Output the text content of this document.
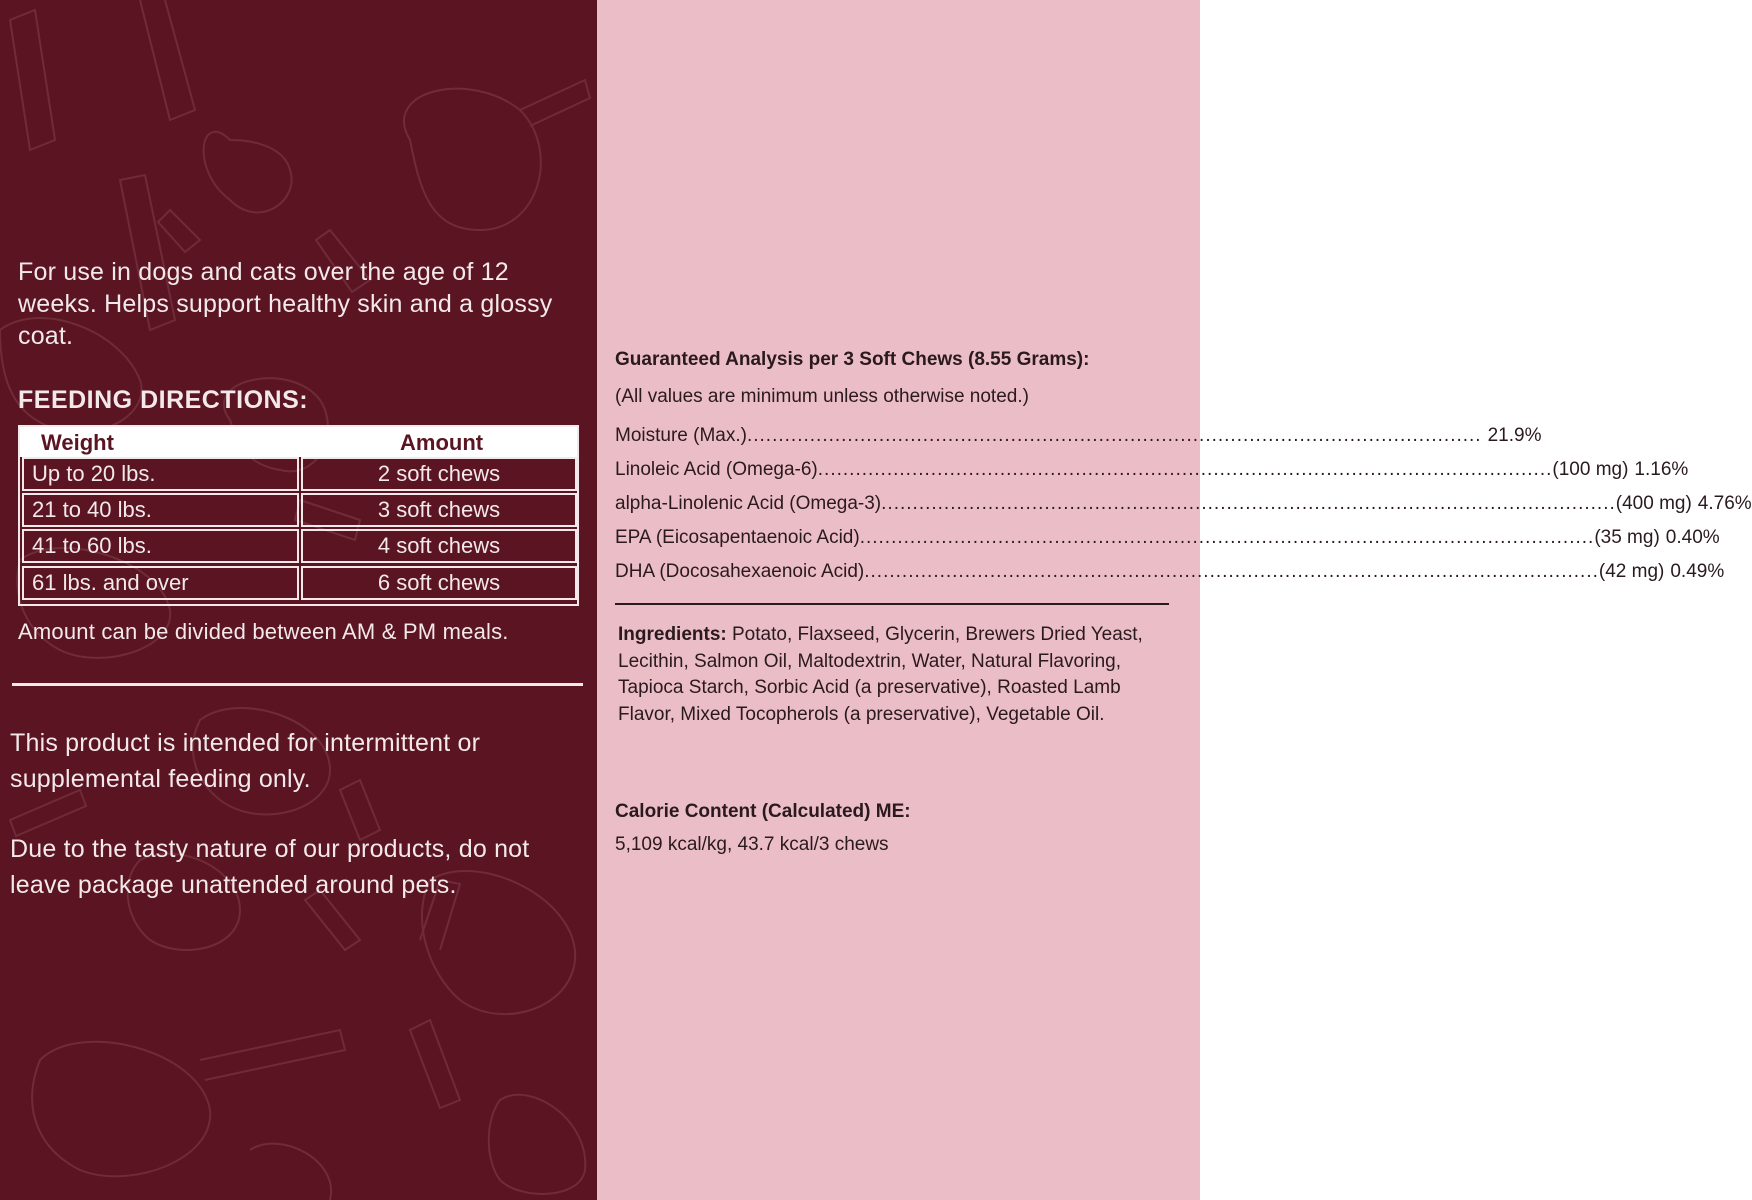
For use in dogs and cats over the age of 12 weeks. Helps support healthy skin and a glossy coat.

FEEDING DIRECTIONS:
Weight	Amount
Up to 20 lbs.	2 soft chews
21 to 40 lbs.	3 soft chews
41 to 60 lbs.	4 soft chews
61 lbs. and over	6 soft chews

Amount can be divided between AM & PM meals.

This product is intended for intermittent or supplemental feeding only.

Due to the tasty nature of our products, do not leave package unattended around pets.

Guaranteed Analysis per 3 Soft Chews (8.55 Grams):

(All values are minimum unless otherwise noted.)

Moisture (Max.) ..................................................................................................................... 21.9%
Linoleic Acid (Omega-6) ..................................................................................................................... (100 mg) 1.16%
alpha-Linolenic Acid (Omega-3) ..................................................................................................................... (400 mg) 4.76%
EPA (Eicosapentaenoic Acid) ..................................................................................................................... (35 mg) 0.40%
DHA (Docosahexaenoic Acid) ..................................................................................................................... (42 mg) 0.49%

Ingredients: Potato, Flaxseed, Glycerin, Brewers Dried Yeast, Lecithin, Salmon Oil, Maltodextrin, Water, Natural Flavoring, Tapioca Starch, Sorbic Acid (a preservative), Roasted Lamb Flavor, Mixed Tocopherols (a preservative), Vegetable Oil.

Calorie Content (Calculated) ME:

5,109 kcal/kg, 43.7 kcal/3 chews
